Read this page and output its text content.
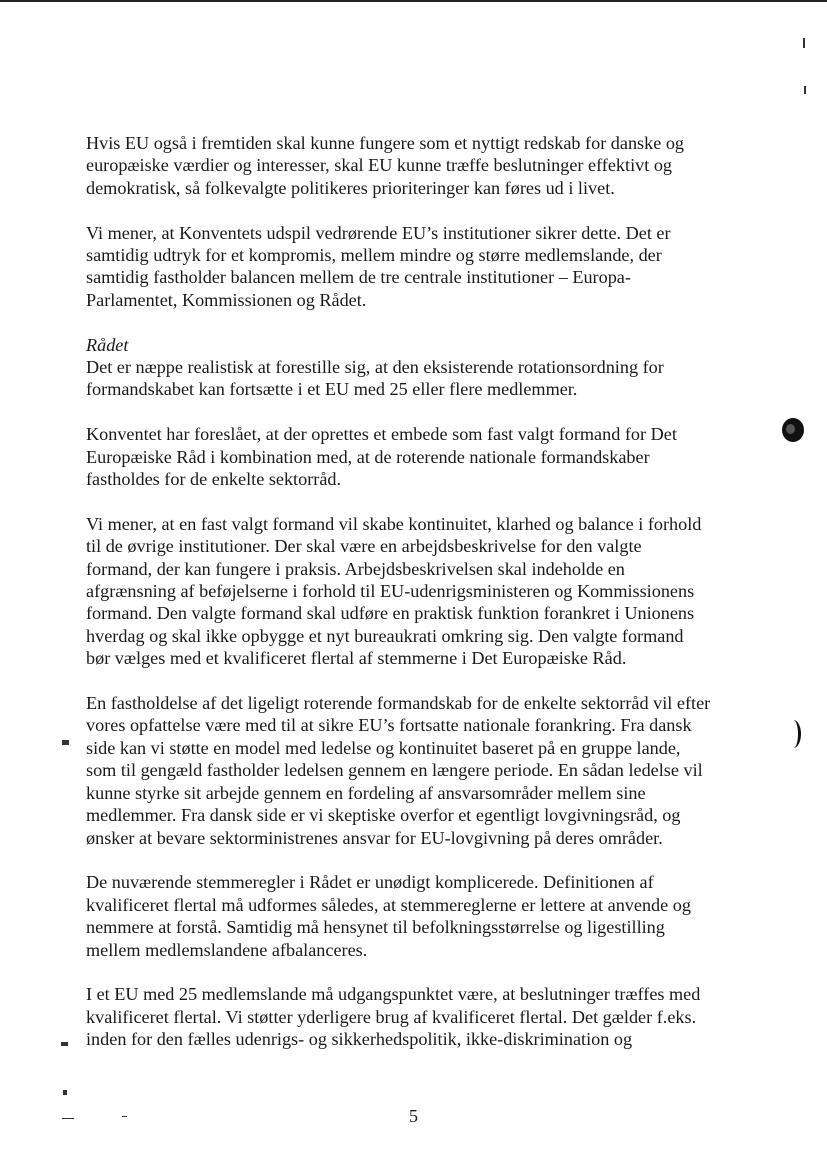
Hvis EU også i fremtiden skal kunne fungere som et nyttigt redskab for danske og
europæiske værdier og interesser, skal EU kunne træffe beslutninger effektivt og
demokratisk, så folkevalgte politikeres prioriteringer kan føres ud i livet.
Vi mener, at Konventets udspil vedrørende EU’s institutioner sikrer dette. Det er
samtidig udtryk for et kompromis, mellem mindre og større medlemslande, der
samtidig fastholder balancen mellem de tre centrale institutioner – Europa-
Parlamentet, Kommissionen og Rådet.

Rådet

Det er næppe realistisk at forestille sig, at den eksisterende rotationsordning for
formandskabet kan fortsætte i et EU med 25 eller flere medlemmer.
Konventet har foreslået, at der oprettes et embede som fast valgt formand for Det
Europæiske Råd i kombination med, at de roterende nationale formandskaber
fastholdes for de enkelte sektorråd.
Vi mener, at en fast valgt formand vil skabe kontinuitet, klarhed og balance i forhold
til de øvrige institutioner. Der skal være en arbejdsbeskrivelse for den valgte
formand, der kan fungere i praksis. Arbejdsbeskrivelsen skal indeholde en
afgrænsning af beføjelserne i forhold til EU-udenrigsministeren og Kommissionens
formand. Den valgte formand skal udføre en praktisk funktion forankret i Unionens
hverdag og skal ikke opbygge et nyt bureaukrati omkring sig. Den valgte formand
bør vælges med et kvalificeret flertal af stemmerne i Det Europæiske Råd.
En fastholdelse af det ligeligt roterende formandskab for de enkelte sektorråd vil efter
vores opfattelse være med til at sikre EU’s fortsatte nationale forankring. Fra dansk
side kan vi støtte en model med ledelse og kontinuitet baseret på en gruppe lande,
som til gengæld fastholder ledelsen gennem en længere periode. En sådan ledelse vil
kunne styrke sit arbejde gennem en fordeling af ansvarsområder mellem sine
medlemmer. Fra dansk side er vi skeptiske overfor et egentligt lovgivningsråd, og
ønsker at bevare sektorministrenes ansvar for EU-lovgivning på deres områder.
De nuværende stemmeregler i Rådet er unødigt komplicerede. Definitionen af
kvalificeret flertal må udformes således, at stemmereglerne er lettere at anvende og
nemmere at forstå. Samtidig må hensynet til befolkningsstørrelse og ligestilling
mellem medlemslandene afbalanceres.
I et EU med 25 medlemslande må udgangspunktet være, at beslutninger træffes med
kvalificeret flertal. Vi støtter yderligere brug af kvalificeret flertal. Det gælder f.eks.
inden for den fælles udenrigs- og sikkerhedspolitik, ikke-diskrimination og
5
